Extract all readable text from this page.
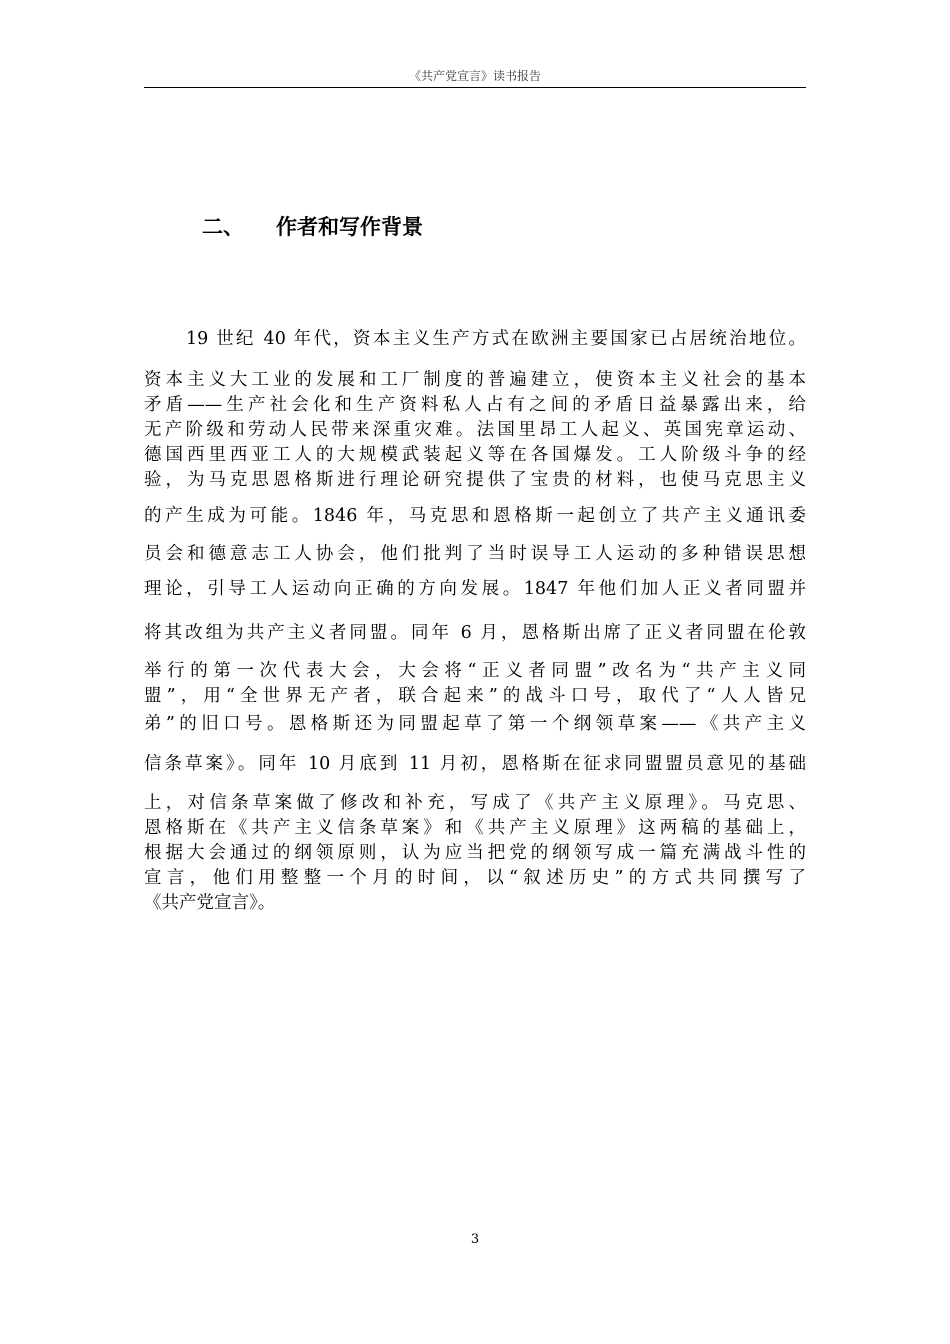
《共产党宣言》读书报告
二、 作者和写作背景
19 世纪 40 年代，资本主义生产方式在欧洲主要国家已占居统治地位。
资本主义大工业的发展和工厂制度的普遍建立，使资本主义社会的基本
矛盾——生产社会化和生产资料私人占有之间的矛盾日益暴露出来，给
无产阶级和劳动人民带来深重灾难。法国里昂工人起义、英国宪章运动、
德国西里西亚工人的大规模武装起义等在各国爆发。工人阶级斗争的经
验，为马克思恩格斯进行理论研究提供了宝贵的材料，也使马克思主义
的产生成为可能。1846 年，马克思和恩格斯一起创立了共产主义通讯委
员会和德意志工人协会，他们批判了当时误导工人运动的多种错误思想
理论，引导工人运动向正确的方向发展。1847 年他们加人正义者同盟并
将其改组为共产主义者同盟。同年 6 月，恩格斯出席了正义者同盟在伦敦
举行的第一次代表大会，大会将“正义者同盟”改名为“共产主义同
盟”，用“全世界无产者，联合起来”的战斗口号，取代了“人人皆兄
弟”的旧口号。恩格斯还为同盟起草了第一个纲领草案——《共产主义
信条草案》。同年 10 月底到 11 月初，恩格斯在征求同盟盟员意见的基础
上，对信条草案做了修改和补充，写成了《共产主义原理》。马克思、
恩格斯在《共产主义信条草案》和《共产主义原理》这两稿的基础上，
根据大会通过的纲领原则，认为应当把党的纲领写成一篇充满战斗性的
宣言，他们用整整一个月的时间，以“叙述历史”的方式共同撰写了
《共产党宣言》。
3
